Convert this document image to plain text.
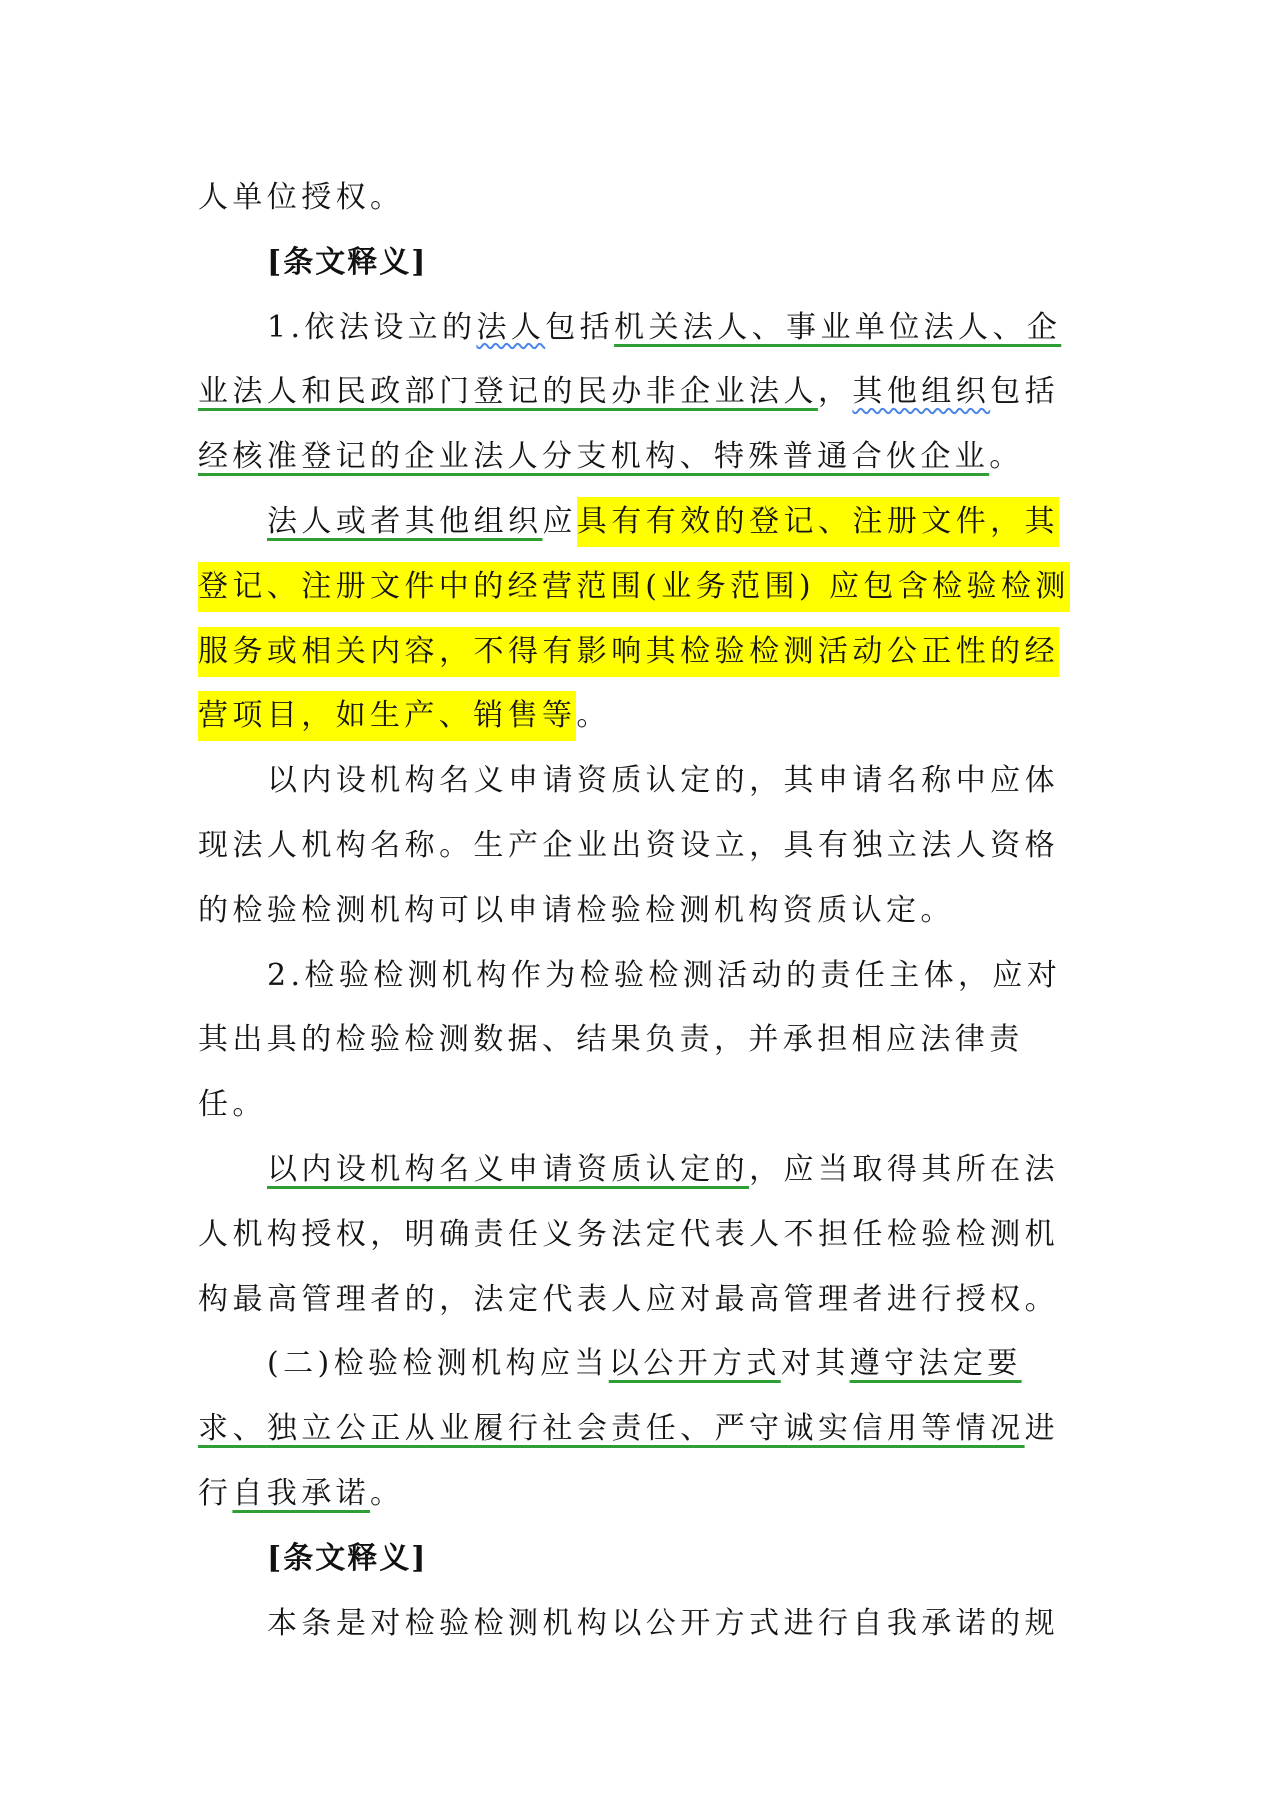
人单位授权。
[条文释义]
1.依法设立的法人包括机关法人、事业单位法人、企
业法人和民政部门登记的民办非企业法人，其他组织包括
经核准登记的企业法人分支机构、特殊普通合伙企业。
法人或者其他组织应具有有效的登记、注册文件，其
登记、注册文件中的经营范围(业务范围) 应包含检验检测
服务或相关内容，不得有影响其检验检测活动公正性的经
营项目，如生产、销售等。
以内设机构名义申请资质认定的，其申请名称中应体
现法人机构名称。生产企业出资设立，具有独立法人资格
的检验检测机构可以申请检验检测机构资质认定。
2.检验检测机构作为检验检测活动的责任主体，应对
其出具的检验检测数据、结果负责，并承担相应法律责
任。
以内设机构名义申请资质认定的，应当取得其所在法
人机构授权，明确责任义务法定代表人不担任检验检测机
构最高管理者的，法定代表人应对最高管理者进行授权。
(二)检验检测机构应当以公开方式对其遵守法定要
求、独立公正从业履行社会责任、严守诚实信用等情况进
行自我承诺。
[条文释义]
本条是对检验检测机构以公开方式进行自我承诺的规
